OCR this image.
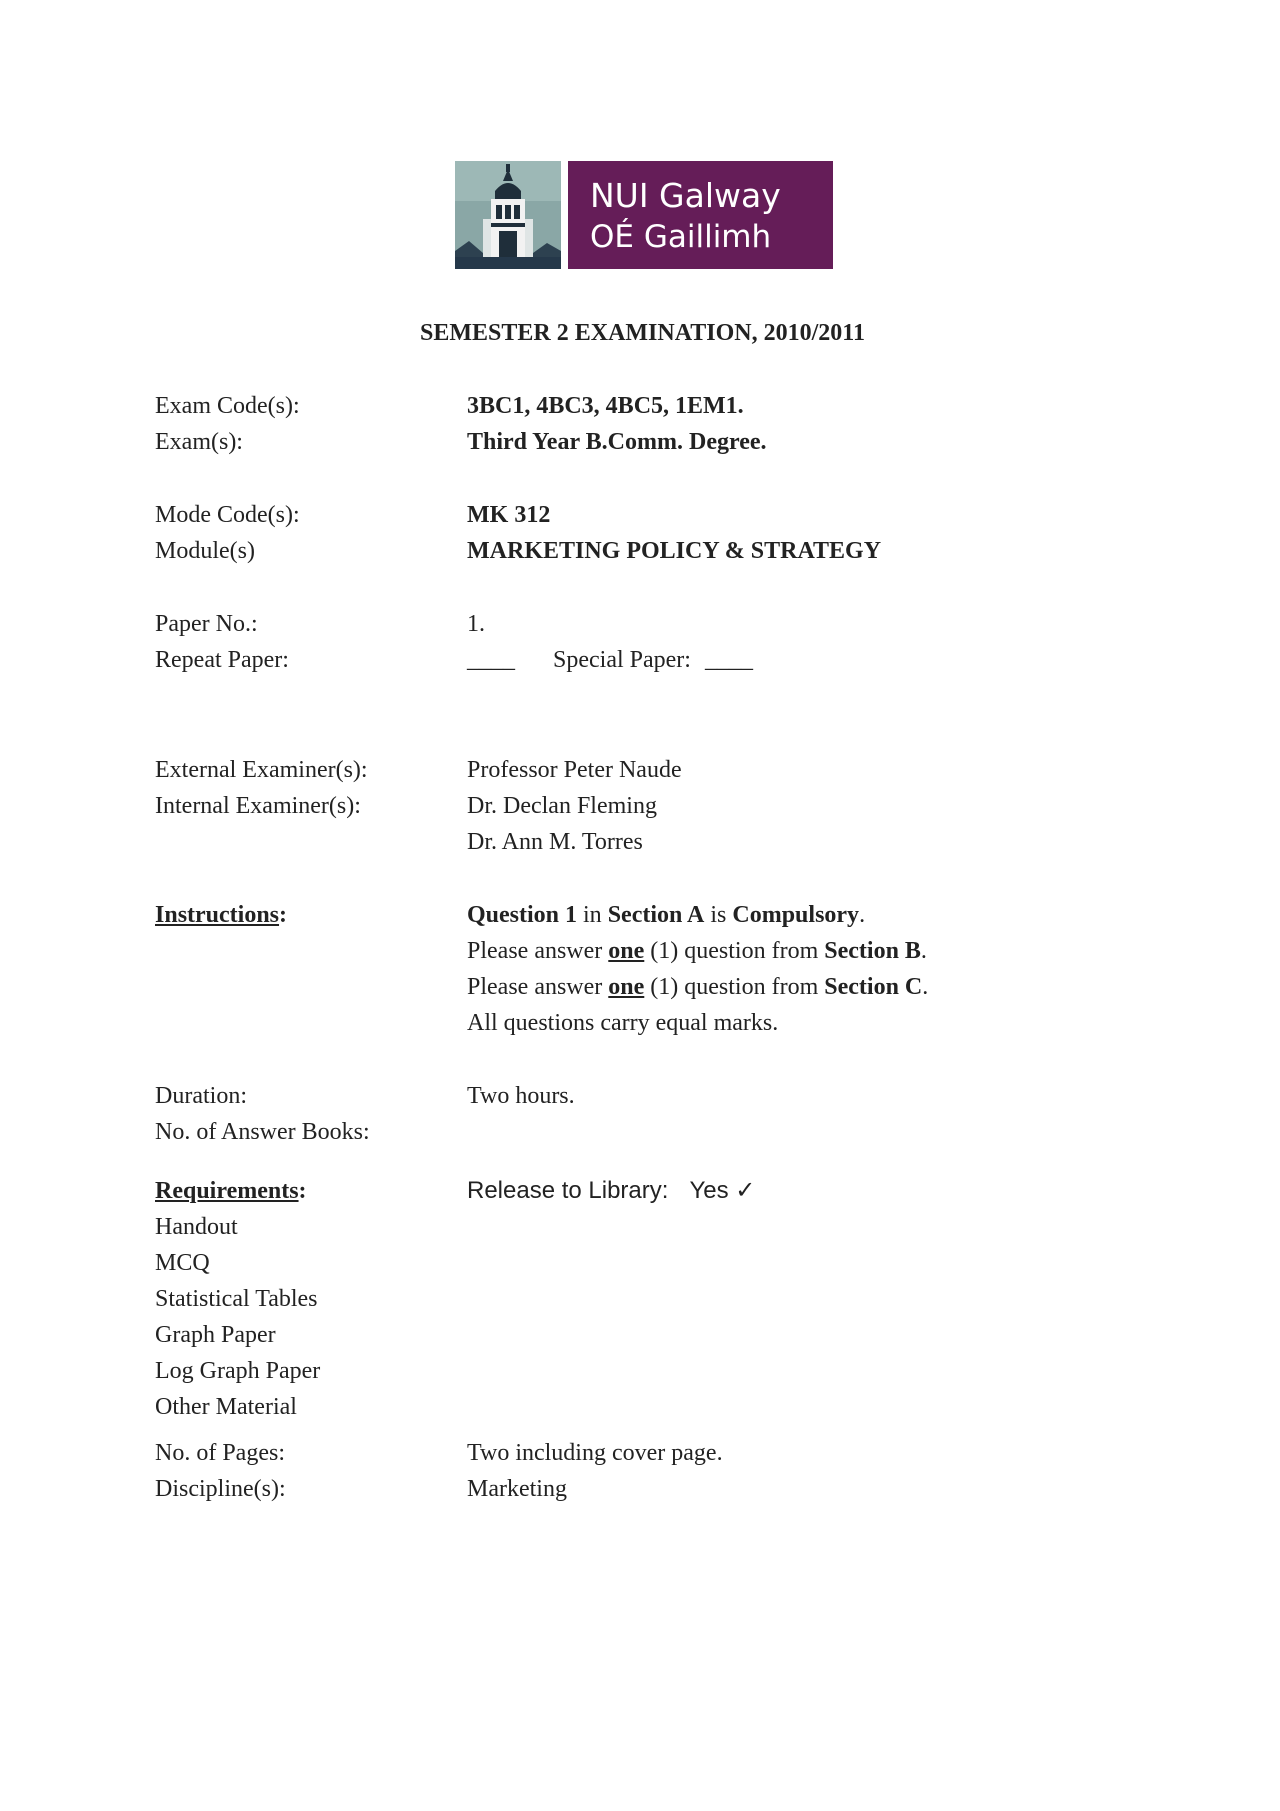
NUI Galway
OÉ Gaillimh
SEMESTER 2 EXAMINATION, 2010/2011
Exam Code(s):	3BC1, 4BC3, 4BC5, 1EM1.
Exam(s):	Third Year B.Comm. Degree.
Mode Code(s):	MK 312
Module(s)	MARKETING POLICY & STRATEGY
Paper No.:	1.
Repeat Paper:	____ Special Paper: ____
External Examiner(s):	Professor Peter Naude
Internal Examiner(s):	Dr. Declan Fleming
Dr. Ann M. Torres
Instructions:	Question 1 in Section A is Compulsory.
Please answer one (1) question from Section B.
Please answer one (1) question from Section C.
All questions carry equal marks.
Duration:	Two hours.
No. of Answer Books:
Requirements:	Release to Library: Yes ✓
Handout
MCQ
Statistical Tables
Graph Paper
Log Graph Paper
Other Material
No. of Pages:	Two including cover page.
Discipline(s):	Marketing
